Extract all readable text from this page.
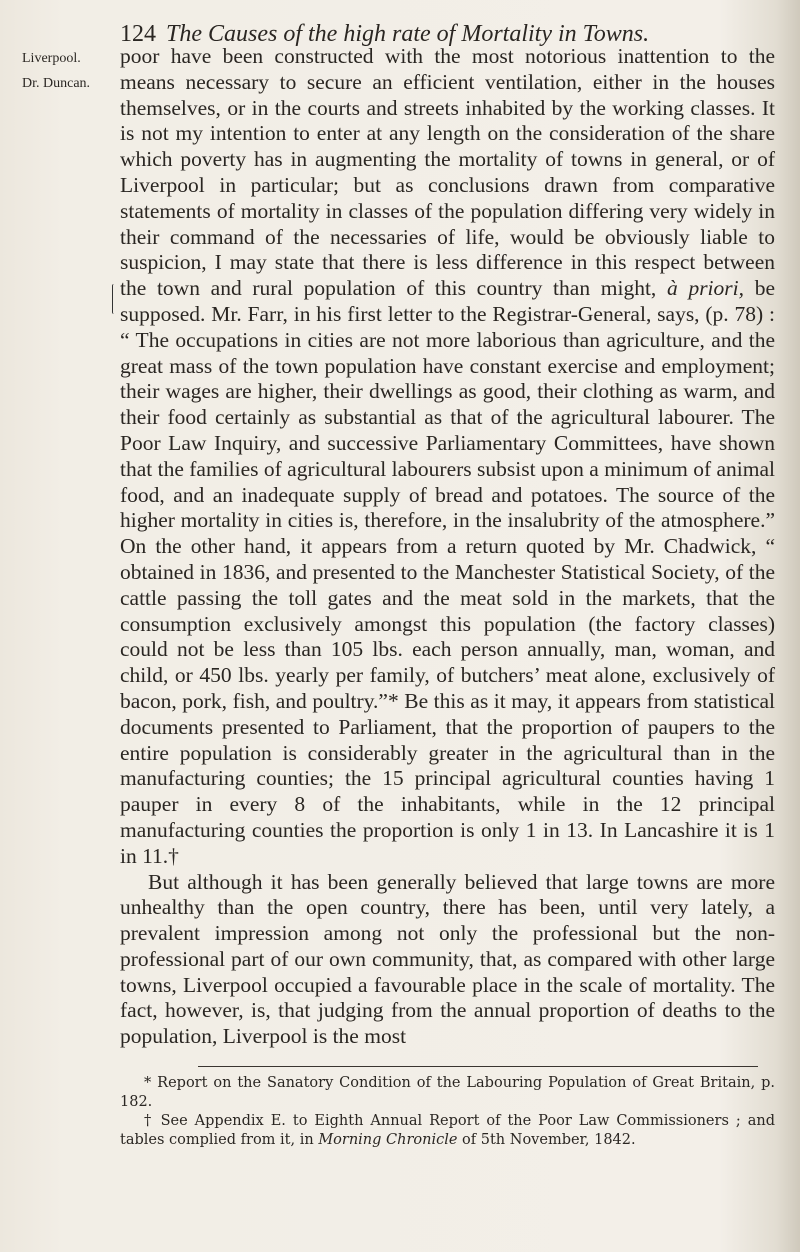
124 The Causes of the high rate of Mortality in Towns.
Liverpool.
Dr. Duncan.

poor have been constructed with the most notorious inattention to the means necessary to secure an efficient ventilation, either in the houses themselves, or in the courts and streets inhabited by the working classes. It is not my intention to enter at any length on the consideration of the share which poverty has in augmenting the mortality of towns in general, or of Liverpool in particular; but as conclusions drawn from comparative statements of mortality in classes of the population differing very widely in their command of the necessaries of life, would be obviously liable to suspicion, I may state that there is less difference in this respect between the town and rural population of this country than might, à priori, be supposed. Mr. Farr, in his first letter to the Registrar-General, says, (p. 78) : “ The occupations in cities are not more laborious than agriculture, and the great mass of the town population have constant exercise and employment; their wages are higher, their dwellings as good, their clothing as warm, and their food certainly as substantial as that of the agricultural labourer. The Poor Law Inquiry, and successive Parliamentary Committees, have shown that the families of agricultural labourers subsist upon a minimum of animal food, and an inadequate supply of bread and potatoes. The source of the higher mortality in cities is, therefore, in the insalubrity of the atmosphere.” On the other hand, it appears from a return quoted by Mr. Chadwick, “ obtained in 1836, and presented to the Manchester Statistical Society, of the cattle passing the toll gates and the meat sold in the markets, that the consumption exclusively amongst this population (the factory classes) could not be less than 105 lbs. each person annually, man, woman, and child, or 450 lbs. yearly per family, of butchers’ meat alone, exclusively of bacon, pork, fish, and poultry.”* Be this as it may, it appears from statistical documents presented to Parliament, that the proportion of paupers to the entire population is considerably greater in the agricultural than in the manufacturing counties; the 15 principal agricultural counties having 1 pauper in every 8 of the inhabitants, while in the 12 principal manufacturing counties the proportion is only 1 in 13. In Lancashire it is 1 in 11.†

But although it has been generally believed that large towns are more unhealthy than the open country, there has been, until very lately, a prevalent impression among not only the professional but the non-professional part of our own community, that, as compared with other large towns, Liverpool occupied a favourable place in the scale of mortality. The fact, however, is, that judging from the annual proportion of deaths to the population, Liverpool is the most

* Report on the Sanatory Condition of the Labouring Population of Great Britain, p. 182.

† See Appendix E. to Eighth Annual Report of the Poor Law Commissioners ; and tables complied from it, in Morning Chronicle of 5th November, 1842.
